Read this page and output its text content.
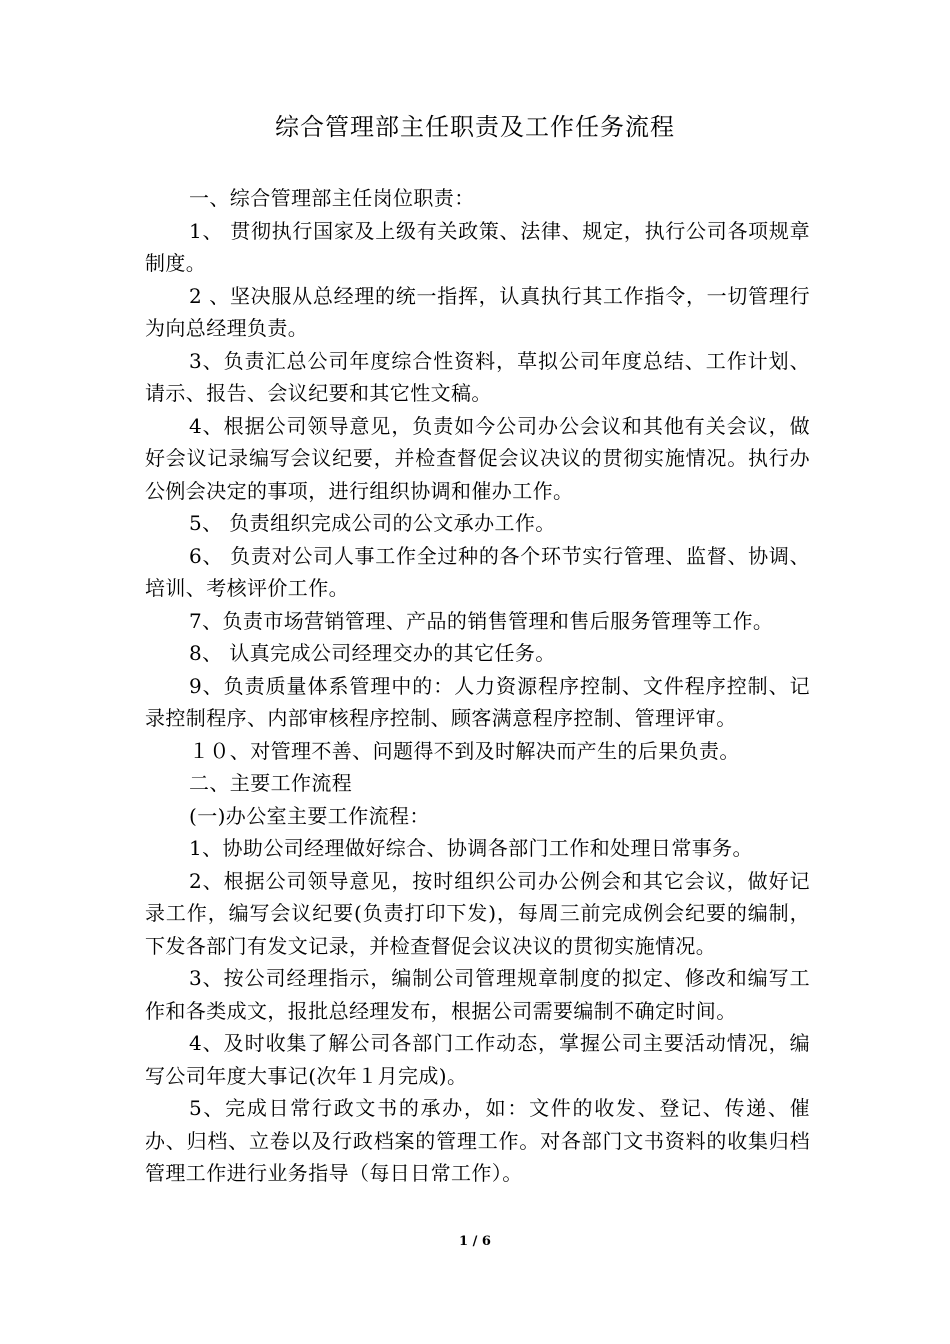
综合管理部主任职责及工作任务流程

一、综合管理部主任岗位职责：

1、 贯彻执行国家及上级有关政策、法律、规定，执行公司各项规章制度。

2 、坚决服从总经理的统一指挥，认真执行其工作指令，一切管理行为向总经理负责。

3、负责汇总公司年度综合性资料，草拟公司年度总结、工作计划、请示、报告、会议纪要和其它性文稿。

4、根据公司领导意见，负责如今公司办公会议和其他有关会议，做好会议记录编写会议纪要，并检查督促会议决议的贯彻实施情况。执行办公例会决定的事项，进行组织协调和催办工作。

5、 负责组织完成公司的公文承办工作。

6、 负责对公司人事工作全过种的各个环节实行管理、监督、协调、培训、考核评价工作。

7、负责市场营销管理、产品的销售管理和售后服务管理等工作。

8、 认真完成公司经理交办的其它任务。

9、负责质量体系管理中的：人力资源程序控制、文件程序控制、记录控制程序、内部审核程序控制、顾客满意程序控制、管理评审。

１０、对管理不善、问题得不到及时解决而产生的后果负责。

二、主要工作流程

(一)办公室主要工作流程：

1、协助公司经理做好综合、协调各部门工作和处理日常事务。

2、根据公司领导意见，按时组织公司办公例会和其它会议，做好记录工作，编写会议纪要(负责打印下发)，每周三前完成例会纪要的编制，下发各部门有发文记录，并检查督促会议决议的贯彻实施情况。

3、按公司经理指示，编制公司管理规章制度的拟定、修改和编写工作和各类成文，报批总经理发布，根据公司需要编制不确定时间。

4、及时收集了解公司各部门工作动态，掌握公司主要活动情况，编写公司年度大事记(次年１月完成)。

5、完成日常行政文书的承办，如：文件的收发、登记、传递、催办、归档、立卷以及行政档案的管理工作。对各部门文书资料的收集归档管理工作进行业务指导（每日日常工作）。

1 / 6
